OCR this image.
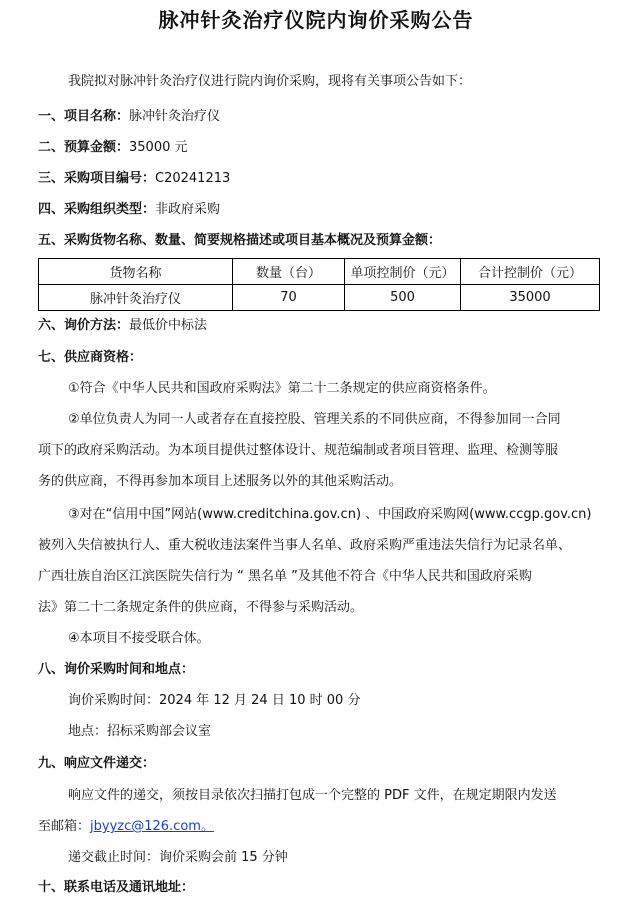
脉冲针灸治疗仪院内询价采购公告
我院拟对脉冲针灸治疗仪进行院内询价采购，现将有关事项公告如下：
一、项目名称：脉冲针灸治疗仪
二、预算金额：35000 元
三、采购项目编号：C20241213
四、采购组织类型：非政府采购
五、采购货物名称、数量、简要规格描述或项目基本概况及预算金额：
货物名称	数量（台）	单项控制价（元）	合计控制价（元）
脉冲针灸治疗仪	70	500	35000
六、询价方法：最低价中标法
七、供应商资格：
①符合《中华人民共和国政府采购法》第二十二条规定的供应商资格条件。
②单位负责人为同一人或者存在直接控股、管理关系的不同供应商，不得参加同一合同
项下的政府采购活动。为本项目提供过整体设计、规范编制或者项目管理、监理、检测等服
务的供应商，不得再参加本项目上述服务以外的其他采购活动。
③对在“信用中国”网站(www.creditchina.gov.cn) 、中国政府采购网(www.ccgp.gov.cn)
被列入失信被执行人、重大税收违法案件当事人名单、政府采购严重违法失信行为记录名单、
广西壮族自治区江滨医院失信行为 “ 黑名单 ”及其他不符合《中华人民共和国政府采购
法》第二十二条规定条件的供应商，不得参与采购活动。
④本项目不接受联合体。
八、询价采购时间和地点：
询价采购时间：2024 年 12 月 24 日 10 时 00 分
地点：招标采购部会议室
九、响应文件递交：
响应文件的递交，须按目录依次扫描打包成一个完整的 PDF 文件，在规定期限内发送
至邮箱：jbyyzc@126.com。
递交截止时间：询价采购会前 15 分钟
十、联系电话及通讯地址：
